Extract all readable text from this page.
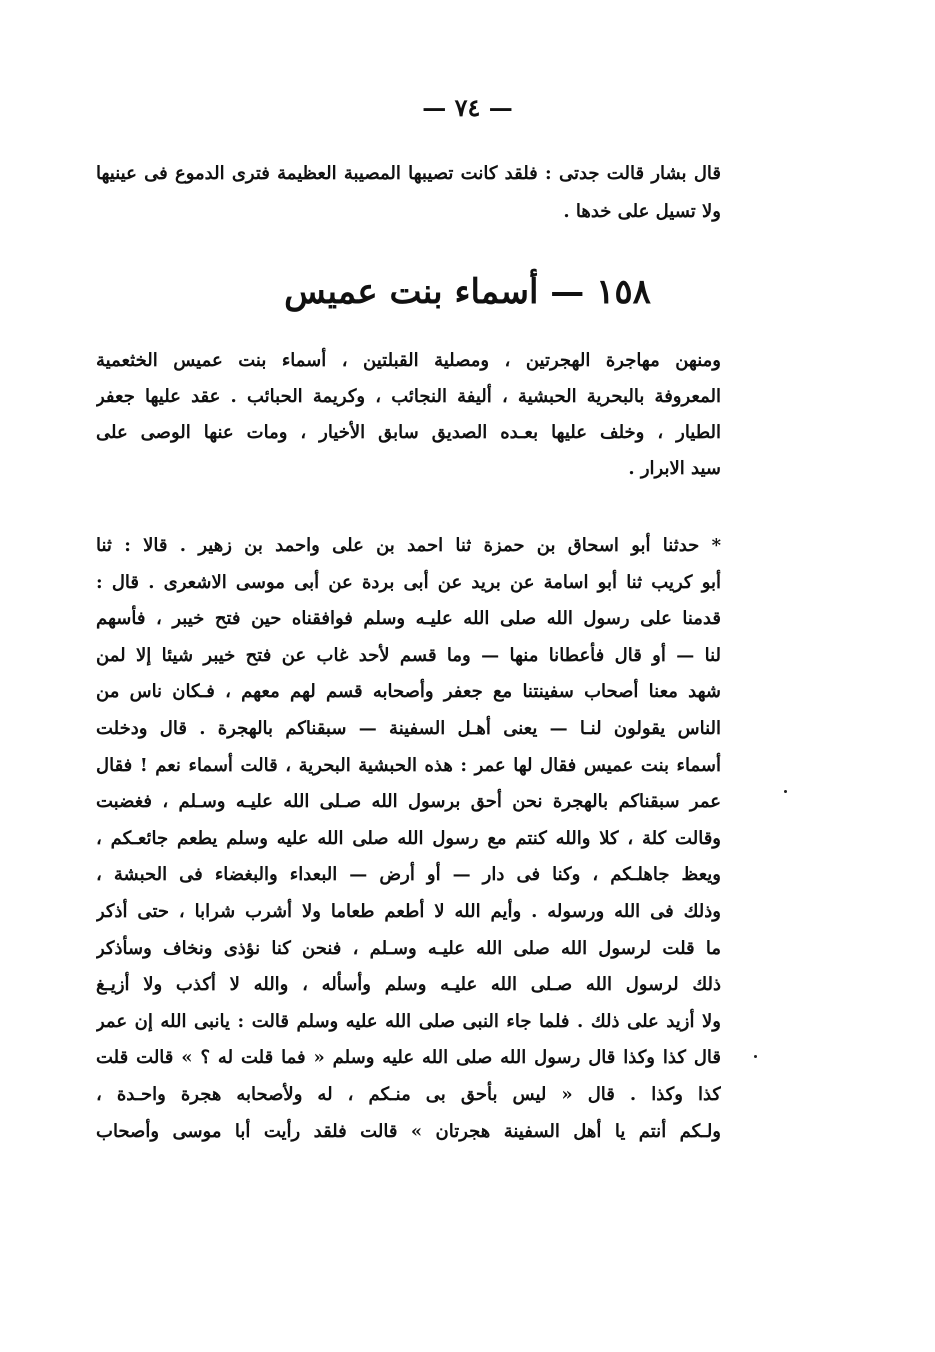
— ٧٤ —
قال بشار قالت جدتى : فلقد كانت تصيبها المصيبة العظيمة فترى الدموع فى عينيها
ولا تسيل على خدها .
١٥٨ — أسماء بنت عميس
ومنهن مهاجرة الهجرتين ، ومصلية القبلتين ، أسماء بنت عميس الخثعمية
المعروفة بالبحرية الحبشية ، أليفة النجائب ، وكريمة الحبائب . عقد عليها جعفر
الطيار ، وخلف عليها بعـده الصديق سابق الأخيار ، ومات عنها الوصى على
سيد الابرار .
* حدثنا أبو اسحاق بن حمزة ثنا احمد بن على واحمد بن زهير . قالا : ثنا
أبو كريب ثنا أبو اسامة عن بريد عن أبى بردة عن أبى موسى الاشعرى . قال :
قدمنا على رسول الله صلى الله عليـه وسلم فوافقناه حين فتح خيبر ، فأسهم
لنا — أو قال فأعطانا منها — وما قسم لأحد غاب عن فتح خيبر شيئا إلا لمن
شهد معنا أصحاب سفينتنا مع جعفر وأصحابه قسم لهم معهم ، فـكان ناس من
الناس يقولون لنـا — يعنى أهـل السفينة — سبقناكم بالهجرة . قال ودخلت
أسماء بنت عميس فقال لها عمر : هذه الحبشية البحرية ، قالت أسماء نعم ! فقال
عمر سبقناكم بالهجرة نحن أحق برسول الله صـلى الله عليـه وسـلم ، فغضبت
وقالت كلة ، كلا والله كنتم مع رسول الله صلى الله عليه وسلم يطعم جائعـكم ،
ويعظ جاهلـكم ، وكنا فى دار — أو أرض — البعداء والبغضاء فى الحبشة ،
وذلك فى الله ورسوله . وأيم الله لا أطعم طعاما ولا أشرب شرابا ، حتى أذكر
ما قلت لرسول الله صلى الله عليـه وسـلم ، فنحن كنا نؤذى ونخاف وسأذكر
ذلك لرسول الله صـلى الله عليـه وسلم وأسأله ، والله لا أكذب ولا أزيـغ
ولا أزيد على ذلك . فلما جاء النبى صلى الله عليه وسلم قالت : يانبى الله إن عمر
قال كذا وكذا قال رسول الله صلى الله عليه وسلم « فما قلت له ؟ » قالت قلت
كذا وكذا . قال « ليس بأحق بى منـكم ، له ولأصحابه هجرة واحـدة ،
ولـكم أنتم يا أهل السفينة هجرتان » قالت فلقد رأيت أبا موسى وأصحاب
